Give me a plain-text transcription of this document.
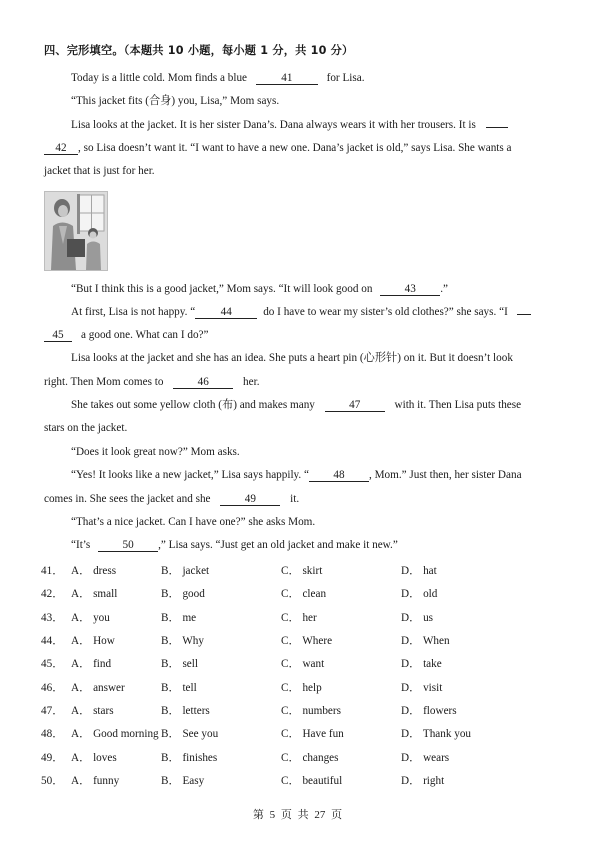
四、完形填空。（本题共 10 小题，每小题 1 分，共 10 分）
Today is a little cold. Mom finds a blue	41	for Lisa.
“This jacket fits (合身) you, Lisa,” Mom says.
Lisa looks at the jacket. It is her sister Dana’s. Dana always wears it with her trousers. It is
42 , so Lisa doesn’t want it. “I want to have a new one. Dana’s jacket is old,” says Lisa. She wants a
jacket that is just for her.
“But I think this is a good jacket,” Mom says. “It will look good on	43 .”
At first, Lisa is not happy. “ 44	do I have to wear my sister’s old clothes?” she says. “I
45 a good one. What can I do?”
Lisa looks at the jacket and she has an idea. She puts a heart pin (心形针) on it. But it doesn’t look
right. Then Mom comes to	46	her.
She takes out some yellow cloth (布) and makes many	47	with it. Then Lisa puts these
stars on the jacket.
“Does it look great now?” Mom asks.
“Yes! It looks like a new jacket,” Lisa says happily. “ 48 , Mom.” Just then, her sister Dana
comes in. She sees the jacket and she	49	it.
“That’s a nice jacket. Can I have one?” she asks Mom.
“It’s	50 ,” Lisa says. “Just get an old jacket and make it new.”
41． A． dress	B． jacket	C． skirt	D． hat
42． A． small	B． good	C． clean	D． old
43． A． you	B． me	C． her	D． us
44． A． How	B． Why	C． Where	D． When
45． A． find	B． sell	C． want	D． take
46． A． answer	B． tell	C． help	D． visit
47． A． stars	B． letters	C． numbers	D． flowers
48． A． Good morning B． See you	C． Have fun	D． Thank you
49． A． loves	B． finishes	C． changes	D． wears
50． A． funny	B． Easy	C． beautiful	D． right
第 5 页 共 27 页
